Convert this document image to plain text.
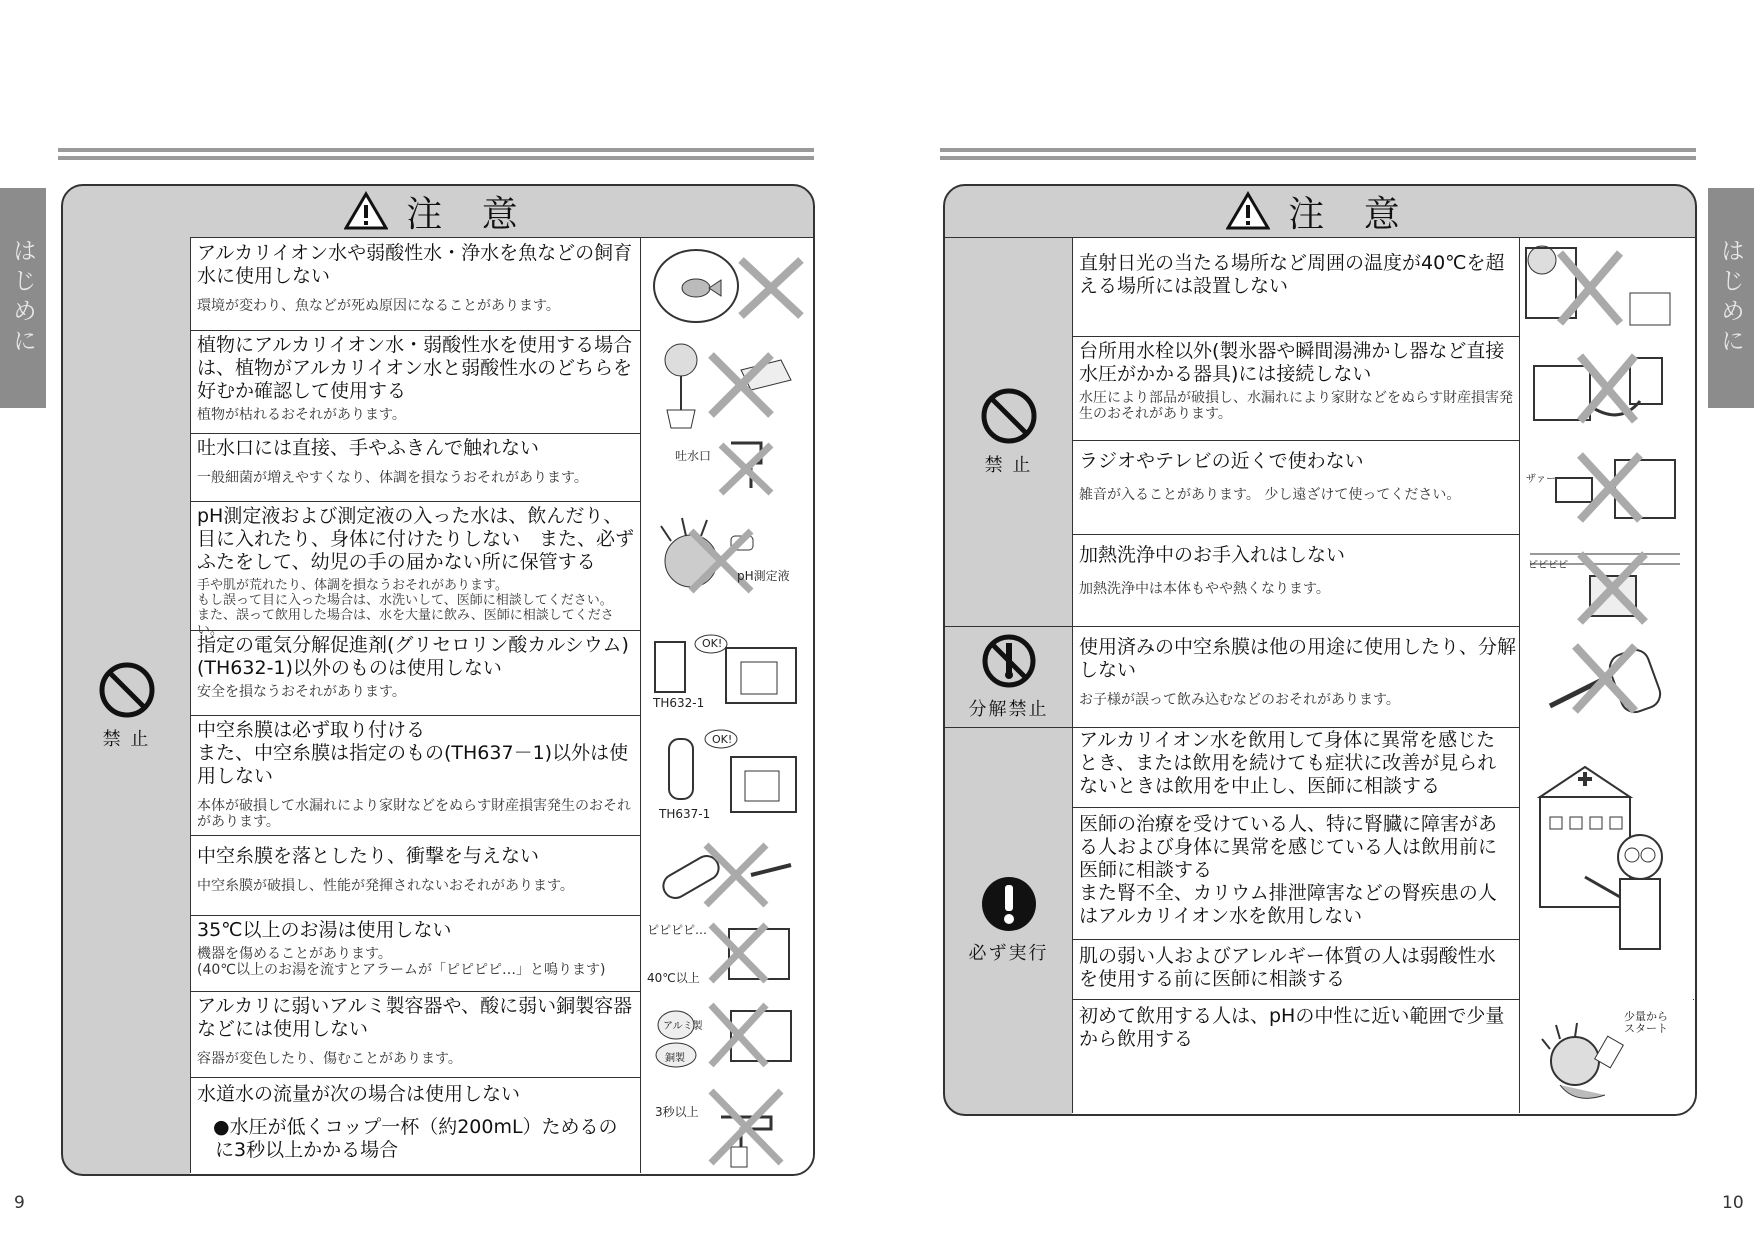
はじめに	はじめに
9	10
注 意
禁 止
アルカリイオン水や弱酸性水・浄水を魚などの飼育水に使用しない
環境が変わり、魚などが死ぬ原因になることがあります。
植物にアルカリイオン水・弱酸性水を使用する場合は、植物がアルカリイオン水と弱酸性水のどちらを好むか確認して使用する
植物が枯れるおそれがあります。
吐水口には直接、手やふきんで触れない
一般細菌が増えやすくなり、体調を損なうおそれがあります。
吐水口
pH測定液および測定液の入った水は、飲んだり、目に入れたり、身体に付けたりしない　また、必ずふたをして、幼児の手の届かない所に保管する
手や肌が荒れたり、体調を損なうおそれがあります。
もし誤って目に入った場合は、水洗いして、医師に相談してください。
また、誤って飲用した場合は、水を大量に飲み、医師に相談してください。
pH測定液
指定の電気分解促進剤(グリセロリン酸カルシウム)(TH632-1)以外のものは使用しない
安全を損なうおそれがあります。
OK!
TH632-1
中空糸膜は必ず取り付ける
また、中空糸膜は指定のもの(TH637－1)以外は使用しない
本体が破損して水漏れにより家財などをぬらす財産損害発生のおそれがあります。
OK!
TH637-1
中空糸膜を落としたり、衝撃を与えない
中空糸膜が破損し、性能が発揮されないおそれがあります。
35℃以上のお湯は使用しない
機器を傷めることがあります。
(40℃以上のお湯を流すとアラームが「ピピピピ…」と鳴ります)
ピピピピ…
40℃以上
アルカリに弱いアルミ製容器や、酸に弱い銅製容器などには使用しない
容器が変色したり、傷むことがあります。
アルミ製
銅製
水道水の流量が次の場合は使用しない
●水圧が低くコップ一杯（約200mL）ためるのに3秒以上かかる場合
3秒以上
注 意
禁 止
分解禁止
必ず実行
直射日光の当たる場所など周囲の温度が40℃を超える場所には設置しない
台所用水栓以外(製氷器や瞬間湯沸かし器など直接水圧がかかる器具)には接続しない
水圧により部品が破損し、水漏れにより家財などをぬらす財産損害発生のおそれがあります。
ラジオやテレビの近くで使わない
雑音が入ることがあります。 少し遠ざけて使ってください。
ザァー
加熱洗浄中のお手入れはしない
加熱洗浄中は本体もやや熱くなります。
ピピピピ
使用済みの中空糸膜は他の用途に使用したり、分解しない
お子様が誤って飲み込むなどのおそれがあります。
アルカリイオン水を飲用して身体に異常を感じたとき、または飲用を続けても症状に改善が見られないときは飲用を中止し、医師に相談する
医師の治療を受けている人、特に腎臓に障害がある人および身体に異常を感じている人は飲用前に医師に相談する
また腎不全、カリウム排泄障害などの腎疾患の人はアルカリイオン水を飲用しない
肌の弱い人およびアレルギー体質の人は弱酸性水を使用する前に医師に相談する
初めて飲用する人は、pHの中性に近い範囲で少量から飲用する
少量から
スタート
